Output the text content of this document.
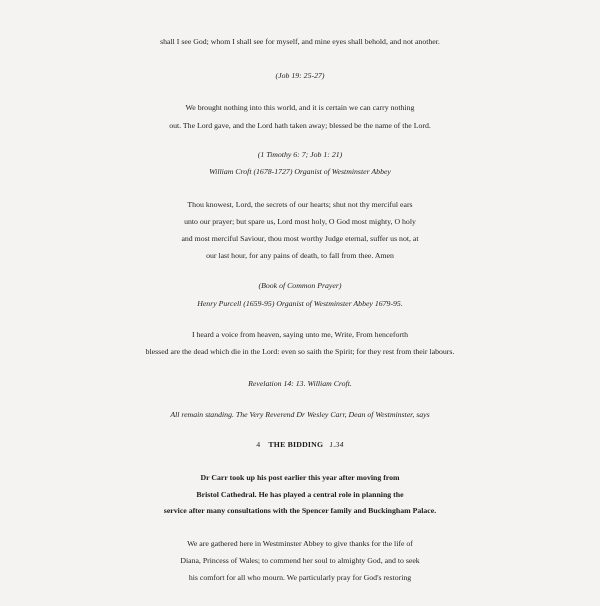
shall I see God; whom I shall see for myself, and mine eyes shall behold, and not another.
(Job 19: 25-27)
We brought nothing into this world, and it is certain we can carry nothing
out. The Lord gave, and the Lord hath taken away; blessed be the name of the Lord.
(1 Timothy 6: 7; Job 1: 21)
William Croft (1678-1727) Organist of Westminster Abbey
Thou knowest, Lord, the secrets of our hearts; shut not thy merciful ears
unto our prayer; but spare us, Lord most holy, O God most mighty, O holy
and most merciful Saviour, thou most worthy Judge eternal, suffer us not, at
our last hour, for any pains of death, to fall from thee. Amen
(Book of Common Prayer)
Henry Purcell (1659-95) Organist of Westminster Abbey 1679-95.
I heard a voice from heaven, saying unto me, Write, From henceforth
blessed are the dead which die in the Lord: even so saith the Spirit; for they rest from their labours.
Revelation 14: 13. William Croft.
All remain standing. The Very Reverend Dr Wesley Carr, Dean of Westminster, says
4 THE BIDDING 1.34
Dr Carr took up his post earlier this year after moving from
Bristol Cathedral. He has played a central role in planning the
service after many consultations with the Spencer family and Buckingham Palace.
We are gathered here in Westminster Abbey to give thanks for the life of
Diana, Princess of Wales; to commend her soul to almighty God, and to seek
his comfort for all who mourn. We particularly pray for God's restoring
